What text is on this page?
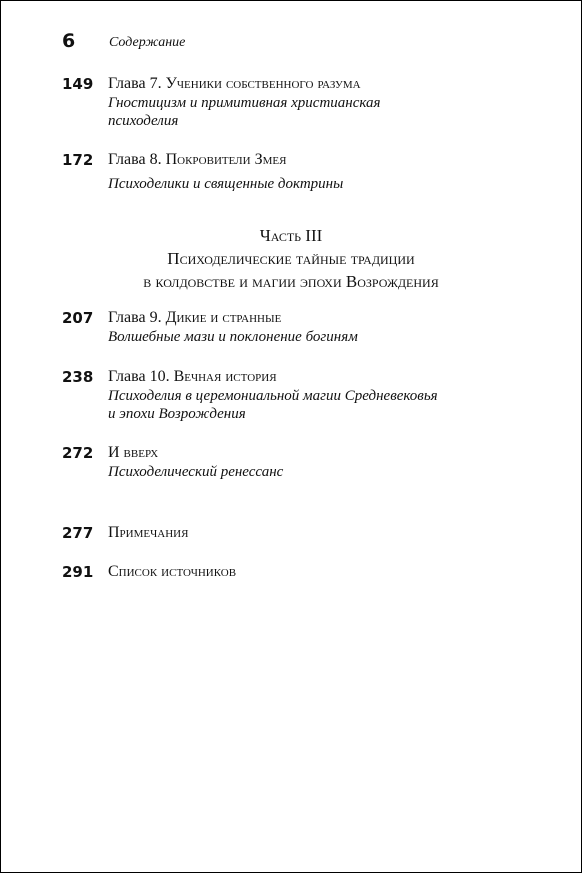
6 Содержание
149 Глава 7. Ученики собственного разума
Гностицизм и примитивная христианская
психоделия
172 Глава 8. Покровители Змея
Психоделики и священные доктрины
Часть III
Психоделические тайные традиции
в колдовстве и магии эпохи Возрождения
207 Глава 9. Дикие и странные
Волшебные мази и поклонение богиням
238 Глава 10. Вечная история
Психоделия в церемониальной магии Средневековья
и эпохи Возрождения
272 И вверх
Психоделический ренессанс
277 Примечания
291 Список источников
